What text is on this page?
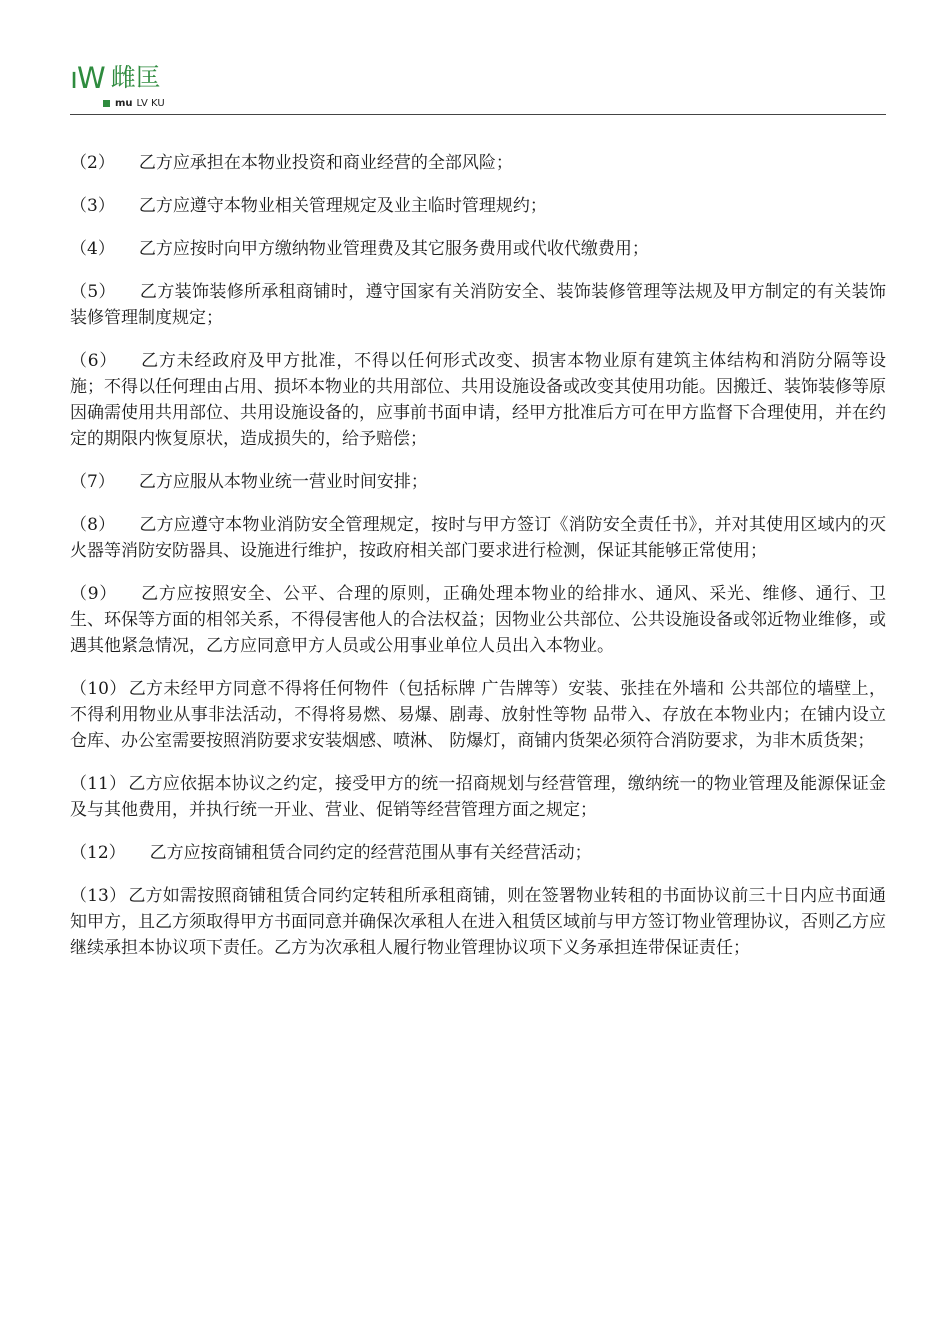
ıW 雌匡
mu LV KU

（2） 乙方应承担在本物业投资和商业经营的全部风险；

（3） 乙方应遵守本物业相关管理规定及业主临时管理规约；

（4） 乙方应按时向甲方缴纳物业管理费及其它服务费用或代收代缴费用；

（5） 乙方装饰装修所承租商铺时，遵守国家有关消防安全、装饰装修管理等法规及甲方制定的有关装饰装修管理制度规定；

（6） 乙方未经政府及甲方批准，不得以任何形式改变、损害本物业原有建筑主体结构和消防分隔等设施；不得以任何理由占用、损坏本物业的共用部位、共用设施设备或改变其使用功能。因搬迁、装饰装修等原因确需使用共用部位、共用设施设备的，应事前书面申请，经甲方批准后方可在甲方监督下合理使用，并在约定的期限内恢复原状，造成损失的，给予赔偿；

（7） 乙方应服从本物业统一营业时间安排；

（8） 乙方应遵守本物业消防安全管理规定，按时与甲方签订《消防安全责任书》，并对其使用区域内的灭火器等消防安防器具、设施进行维护，按政府相关部门要求进行检测，保证其能够正常使用；

（9） 乙方应按照安全、公平、合理的原则，正确处理本物业的给排水、通风、采光、维修、通行、卫生、环保等方面的相邻关系，不得侵害他人的合法权益；因物业公共部位、公共设施设备或邻近物业维修，或遇其他紧急情况，乙方应同意甲方人员或公用事业单位人员出入本物业。

（10） 乙方未经甲方同意不得将任何物件（包括标牌 广告牌等）安装、张挂在外墙和 公共部位的墙壁上，不得利用物业从事非法活动，不得将易燃、易爆、剧毒、放射性等物 品带入、存放在本物业内；在铺内设立仓库、办公室需要按照消防要求安装烟感、喷淋、 防爆灯，商铺内货架必须符合消防要求，为非木质货架；

（11） 乙方应依据本协议之约定，接受甲方的统一招商规划与经营管理，缴纳统一的物业管理及能源保证金及与其他费用，并执行统一开业、营业、促销等经营管理方面之规定；

（12） 乙方应按商铺租赁合同约定的经营范围从事有关经营活动；

（13） 乙方如需按照商铺租赁合同约定转租所承租商铺，则在签署物业转租的书面协议前三十日内应书面通知甲方，且乙方须取得甲方书面同意并确保次承租人在进入租赁区域前与甲方签订物业管理协议，否则乙方应继续承担本协议项下责任。乙方为次承租人履行物业管理协议项下义务承担连带保证责任；
